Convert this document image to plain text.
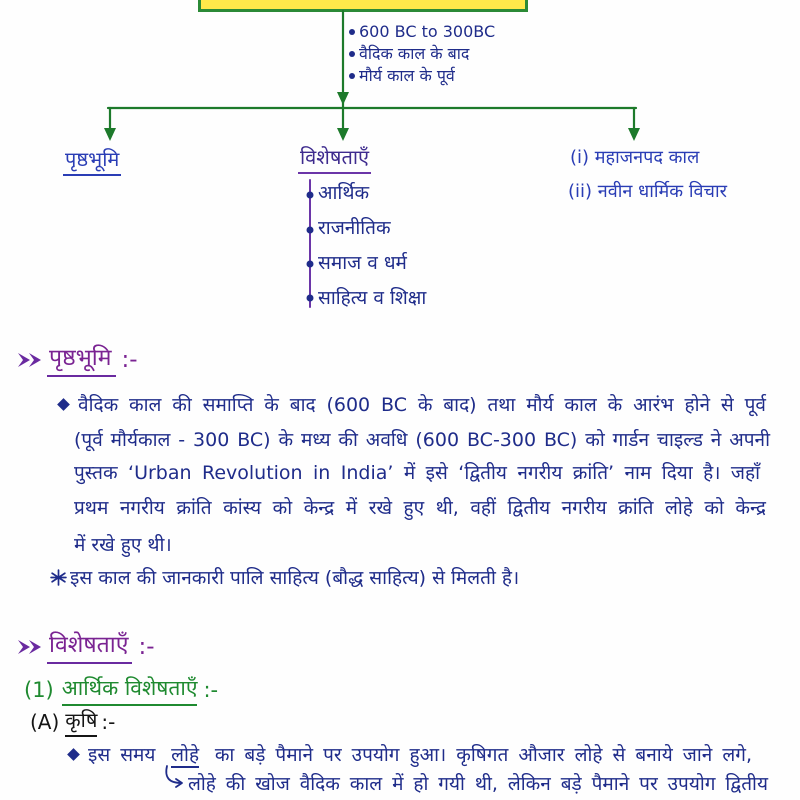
600 BC to 300BC
वैदिक काल के बाद
मौर्य काल के पूर्व
पृष्ठभूमि	विशेषताएँ
आर्थिक
राजनीतिक
समाज व धर्म
साहित्य व शिक्षा
(i) महाजनपद काल
(ii) नवीन धार्मिक विचार
पृष्ठभूमि :-
वैदिक काल की समाप्ति के बाद (600 BC के बाद) तथा मौर्य काल के आरंभ होने से पूर्व
(पूर्व मौर्यकाल - 300 BC) के मध्य की अवधि (600 BC-300 BC) को गार्डन चाइल्ड ने अपनी
पुस्तक ‘Urban Revolution in India’ में इसे ‘द्वितीय नगरीय क्रांति’ नाम दिया है। जहाँ
प्रथम नगरीय क्रांति कांस्य को केन्द्र में रखे हुए थी, वहीं द्वितीय नगरीय क्रांति लोहे को केन्द्र
में रखे हुए थी।
इस काल की जानकारी पालि साहित्य (बौद्ध साहित्य) से मिलती है।
विशेषताएँ :-
(1) आर्थिक विशेषताएँ :-
(A) कृषि :-
इस समय लोहे का बड़े पैमाने पर उपयोग हुआ। कृषिगत औजार लोहे से बनाये जाने लगे,
लोहे की खोज वैदिक काल में हो गयी थी, लेकिन बड़े पैमाने पर उपयोग द्वितीय
